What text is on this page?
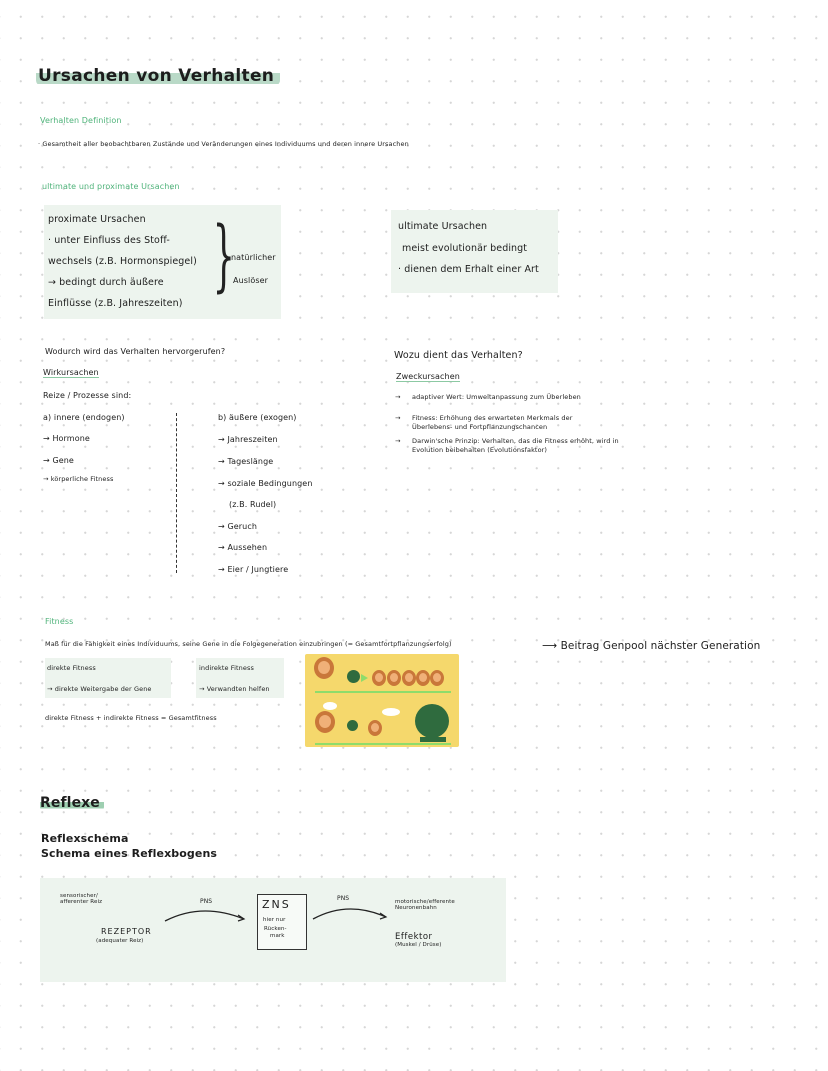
Ursachen von Verhalten
Verhalten Definition
· Gesamtheit aller beobachtbaren Zustände und Veränderungen eines Individuums und deren innere Ursachen
ultimate und proximate Ursachen
proximate Ursachen
· unter Einfluss des Stoff-
wechsels (z.B. Hormonspiegel)
→ bedingt durch äußere
Einflüsse (z.B. Jahreszeiten)
}
natürlicher
Auslöser
ultimate Ursachen
meist evolutionär bedingt
· dienen dem Erhalt einer Art
Wodurch wird das Verhalten hervorgerufen?
Wirkursachen
Reize / Prozesse sind:
a) innere (endogen)
→ Hormone
→ Gene
→ körperliche Fitness
b) äußere (exogen)
→ Jahreszeiten
→ Tageslänge
→ soziale Bedingungen
(z.B. Rudel)
→ Geruch
→ Aussehen
→ Eier / Jungtiere
Wozu dient das Verhalten?
Zweckursachen
→ adaptiver Wert: Umweltanpassung zum Überleben
→ Fitness: Erhöhung des erwarteten Merkmals der Überlebens- und Fortpflanzungschancen
→ Darwin'sche Prinzip: Verhalten, das die Fitness erhöht, wird in Evolution beibehalten (Evolutionsfaktor)
Fitness
Maß für die Fähigkeit eines Individuums, seine Gene in die Folgegeneration einzubringen (= Gesamtfortpflanzungserfolg)	⟶ Beitrag Genpool nächster Generation
direkte Fitness
→ direkte Weitergabe der Gene
indirekte Fitness
→ Verwandten helfen
direkte Fitness + indirekte Fitness = Gesamtfitness
Reflexe
Reflexschema
Schema eines Reflexbogens
sensorischer/
afferenter Reiz
REZEPTOR
(adequater Reiz)
PNS	ZNS
hier nur
Rücken-
mark
PNS	motorische/efferente
Neuronenbahn
Effektor
(Muskel / Drüse)
